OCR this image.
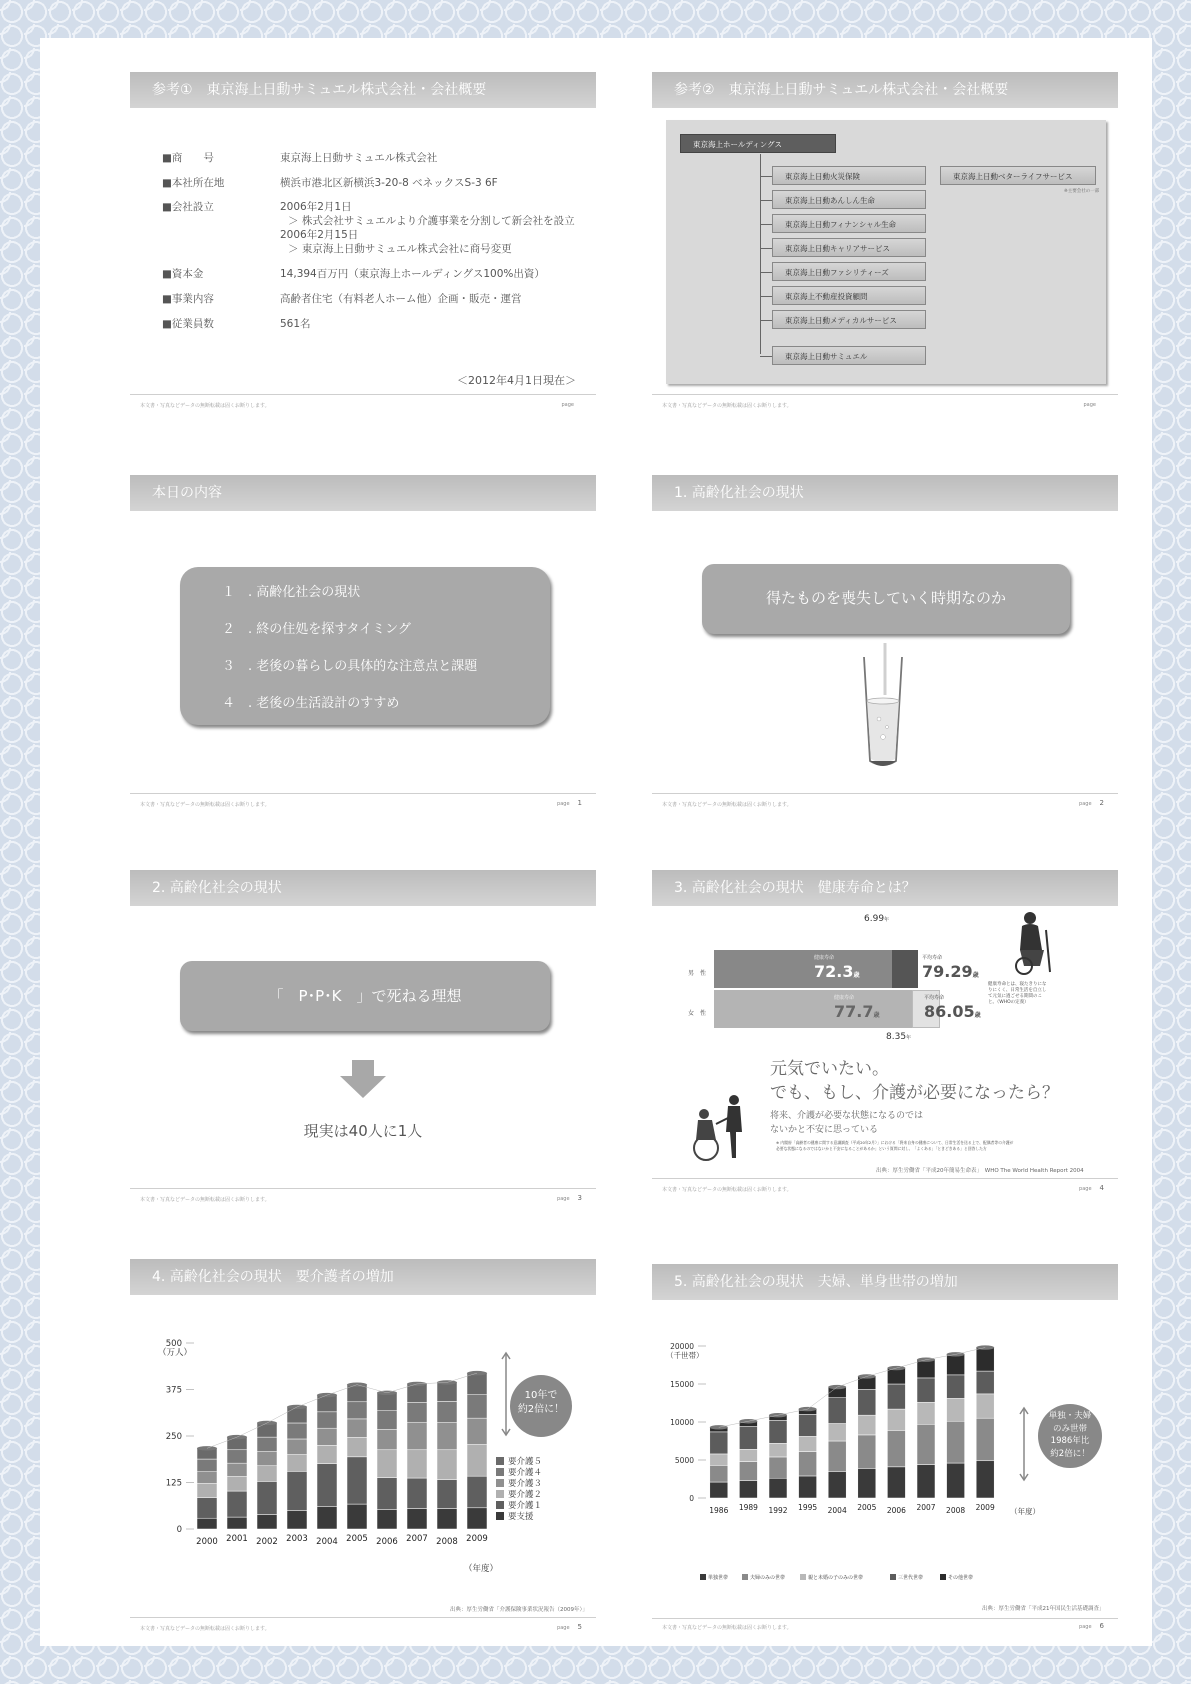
参考①　東京海上日動サミュエル株式会社・会社概要
■商　　号	東京海上日動サミュエル株式会社
■本社所在地	横浜市港北区新横浜3-20-8 ベネックスS-3 6F
■会社設立	2006年2月1日
＞ 株式会社サミュエルより介護事業を分割して新会社を設立
2006年2月15日
＞ 東京海上日動サミュエル株式会社に商号変更
■資本金	14,394百万円（東京海上ホールディングス100%出資）
■事業内容	高齢者住宅（有料老人ホーム他）企画・販売・運営
■従業員数	561名
＜2012年4月1日現在＞
本文書・写真などデータの無断転載は固くお断りします。	page
参考②　東京海上日動サミュエル株式会社・会社概要
東京海上ホールディングス
東京海上日動火災保険
東京海上日動あんしん生命
東京海上日動フィナンシャル生命
東京海上日動キャリアサービス
東京海上日動ファシリティーズ
東京海上不動産投資顧問
東京海上日動メディカルサービス
東京海上日動サミュエル
東京海上日動ベターライフサービス
※主要会社の一部
本文書・写真などデータの無断転載は固くお断りします。	page
本日の内容
１　. 高齢化社会の現状
２　. 終の住処を探すタイミング
３　. 老後の暮らしの具体的な注意点と課題
４　. 老後の生活設計のすすめ
本文書・写真などデータの無断転載は固くお断りします。	page 1
1. 高齢化社会の現状
得たものを喪失していく時期なのか
本文書・写真などデータの無断転載は固くお断りします。	page 2
2. 高齢化社会の現状
「　P･P･K　」で死ねる理想
現実は40人に1人
本文書・写真などデータの無断転載は固くお断りします。	page 3
3. 高齢化社会の現状　健康寿命とは？
6.99年
男　性
健康寿命
72.3歳
平均寿命
79.29歳
女　性
健康寿命
77.7歳
平均寿命
86.05歳
8.35年
健康寿命とは、寝たきりになりにくく、日常生活を自立して元気に過ごせる期間のこと。（WHOの定義）
元気でいたい。
でも、もし、介護が必要になったら？
将来、介護が必要な状態になるのでは
ないかと不安に思っている
※ 内閣府「高齢者の健康に関する意識調査（平成20年2月）」における「将来自身の健康について、日常生活を送る上で、配偶者等の介護が
必要な状態になるのではないかと不安になることがあるか」という質問に対し、「よくある」「ときどきある」と回答した方
出典：厚生労働省「平成20年簡易生命表」　WHO The World Health Report 2004
本文書・写真などデータの無断転載は固くお断りします。	page 4
4. 高齢化社会の現状　要介護者の増加
0
125
250
375
500
（万人）
2000 2001 2002 2003 2004 2005 2006 2007 2008 2009
（年度）
10年で
約2倍に！
要介護５
要介護４
要介護３
要介護２
要介護１
要支援
出典：厚生労働省「介護保険事業状況報告（2009年）」
本文書・写真などデータの無断転載は固くお断りします。	page 5
5. 高齢化社会の現状　夫婦、単身世帯の増加
0
5000
10000
15000
20000
（千世帯）
1986 1989 1992 1995 2004 2005 2006 2007 2008 2009 （年度）
単独・夫婦
のみ世帯
1986年比
約2倍に！
単独世帯	夫婦のみの世帯	親と未婚の子のみの世帯	三世代世帯	その他世帯
出典：厚生労働省「平成21年国民生活基礎調査」
本文書・写真などデータの無断転載は固くお断りします。	page 6
